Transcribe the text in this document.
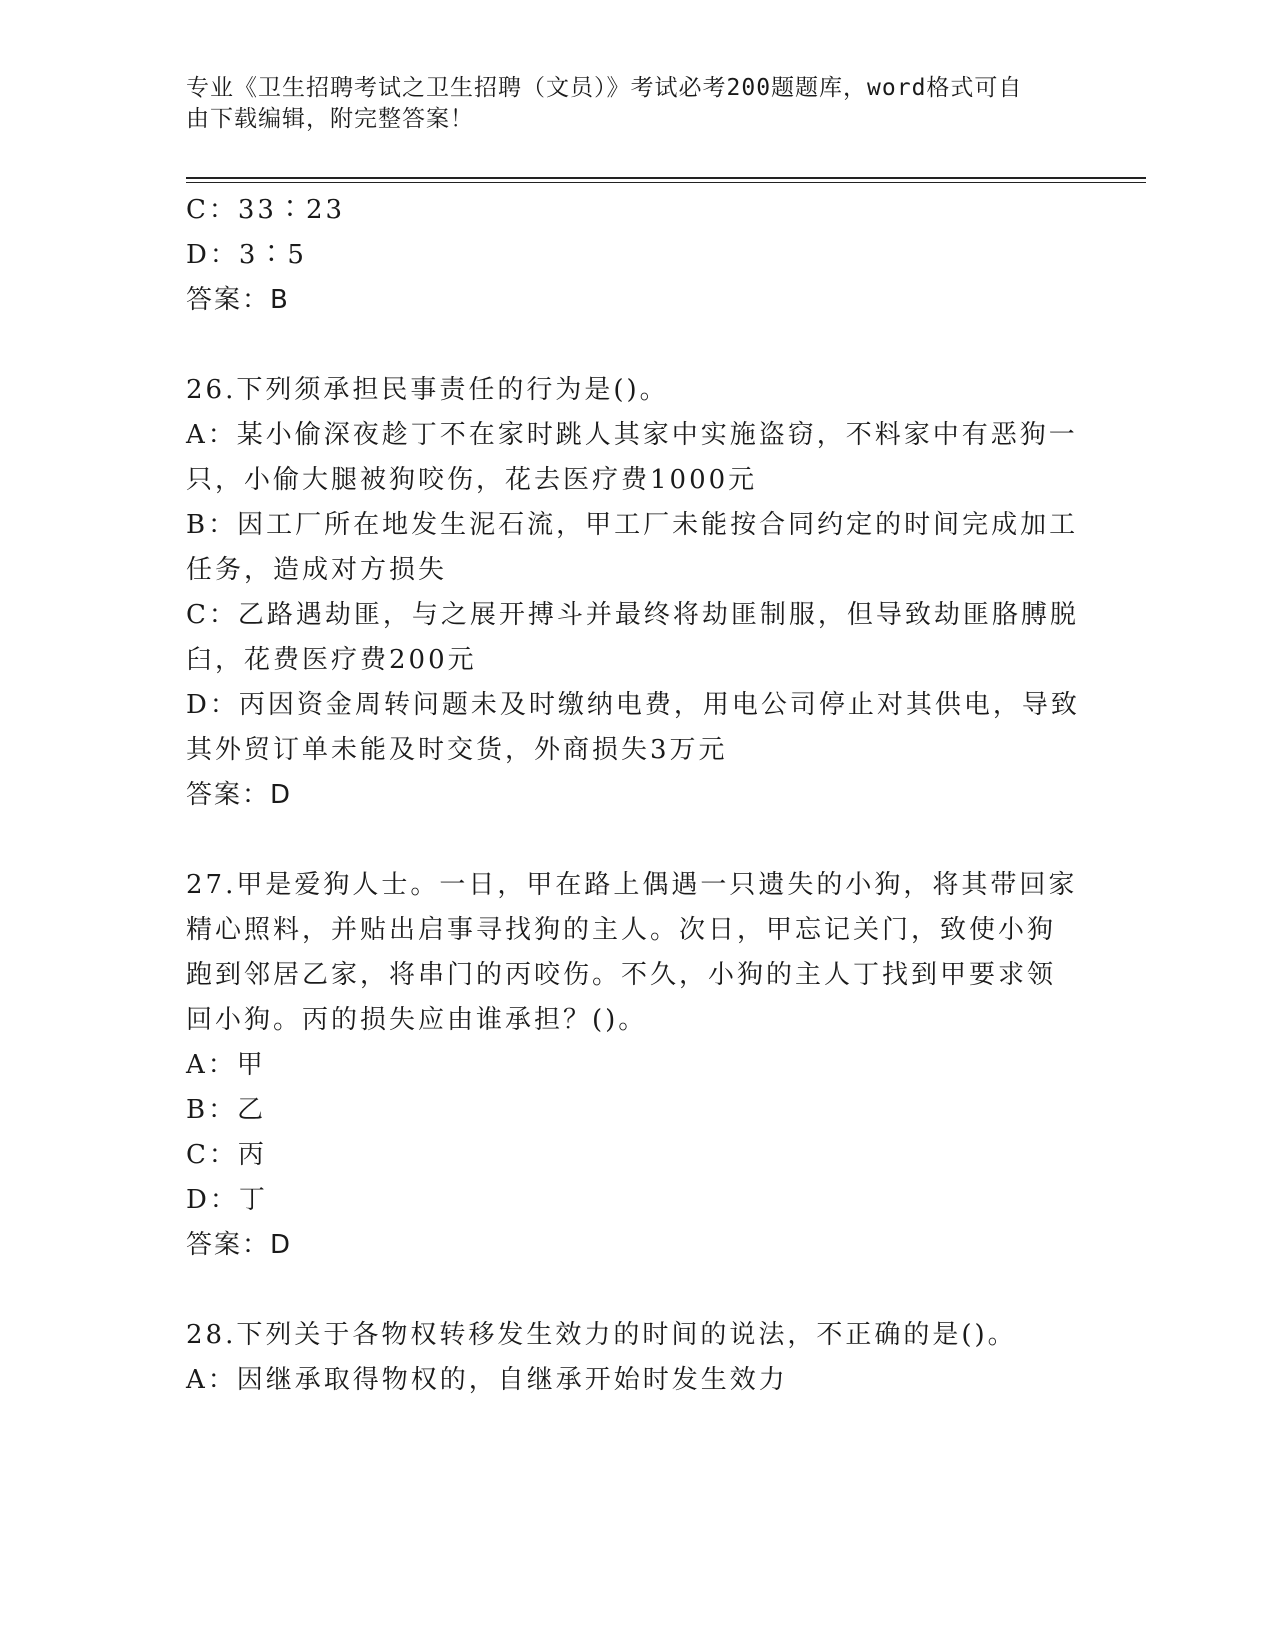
专业《卫生招聘考试之卫生招聘（文员）》考试必考200题题库，word格式可自
由下载编辑，附完整答案！
C：33∶23
D：3∶5
答案：B
26.下列须承担民事责任的行为是()。
A：某小偷深夜趁丁不在家时跳人其家中实施盗窃，不料家中有恶狗一
只，小偷大腿被狗咬伤，花去医疗费1000元
B：因工厂所在地发生泥石流，甲工厂未能按合同约定的时间完成加工
任务，造成对方损失
C：乙路遇劫匪，与之展开搏斗并最终将劫匪制服，但导致劫匪胳膊脱
臼，花费医疗费200元
D：丙因资金周转问题未及时缴纳电费，用电公司停止对其供电，导致
其外贸订单未能及时交货，外商损失3万元
答案：D
27.甲是爱狗人士。一日，甲在路上偶遇一只遗失的小狗，将其带回家
精心照料，并贴出启事寻找狗的主人。次日，甲忘记关门，致使小狗
跑到邻居乙家，将串门的丙咬伤。不久，小狗的主人丁找到甲要求领
回小狗。丙的损失应由谁承担？()。
A：甲
B：乙
C：丙
D：丁
答案：D
28.下列关于各物权转移发生效力的时间的说法，不正确的是()。
A：因继承取得物权的，自继承开始时发生效力
